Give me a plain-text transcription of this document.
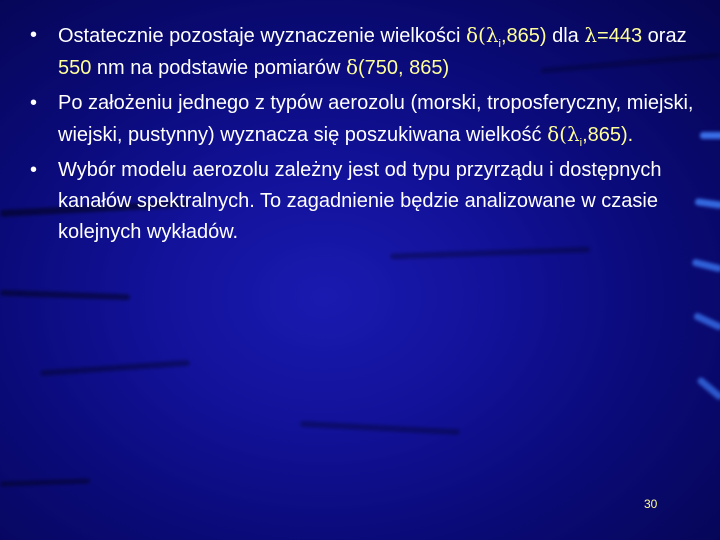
•	Ostatecznie pozostaje wyznaczenie wielkości $\delta(\lambda_i,865)$ dla λ=443 oraz 550 nm na podstawie pomiarów δ(750, 865)
•	Po założeniu jednego z typów aerozolu (morski, troposferyczny, miejski, wiejski, pustynny) wyznacza się poszukiwana wielkość $\delta(\lambda_i,865)$.
•	Wybór modelu aerozolu zależny jest od typu przyrządu i dostępnych kanałów spektralnych. To zagadnienie będzie analizowane w czasie kolejnych wykładów.
30
